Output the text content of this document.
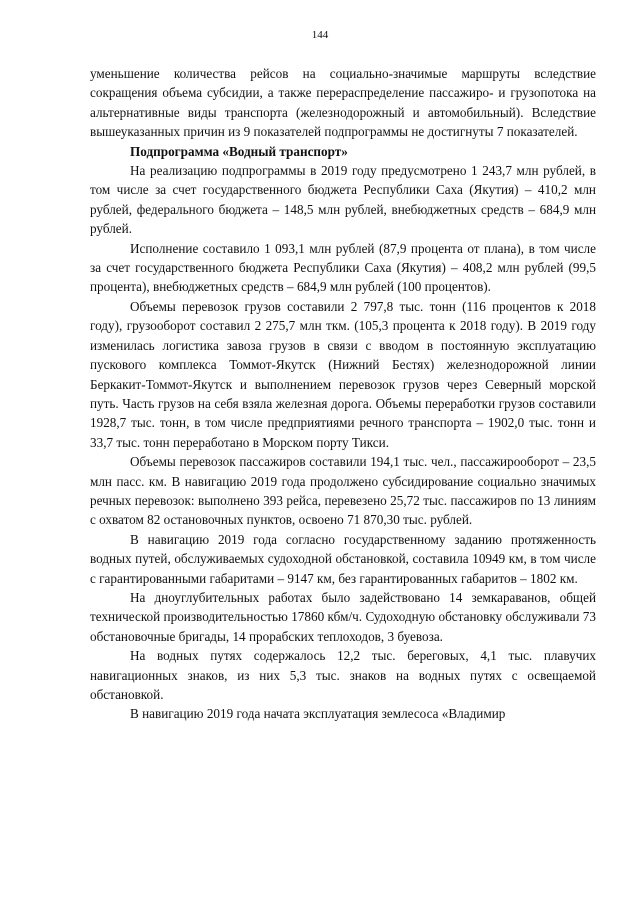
144

уменьшение количества рейсов на социально-значимые маршруты вследствие сокращения объема субсидии, а также перераспределение пассажиро- и грузопотока на альтернативные виды транспорта (железнодорожный и автомобильный). Вследствие вышеуказанных причин из 9 показателей подпрограммы не достигнуты 7 показателей.

Подпрограмма «Водный транспорт»

На реализацию подпрограммы в 2019 году предусмотрено 1 243,7 млн рублей, в том числе за счет государственного бюджета Республики Саха (Якутия) – 410,2 млн рублей, федерального бюджета – 148,5 млн рублей, внебюджетных средств – 684,9 млн рублей.

Исполнение составило 1 093,1 млн рублей (87,9 процента от плана), в том числе за счет государственного бюджета Республики Саха (Якутия) – 408,2 млн рублей (99,5 процента), внебюджетных средств – 684,9 млн рублей (100 процентов).

Объемы перевозок грузов составили 2 797,8 тыс. тонн (116 процентов к 2018 году), грузооборот составил 2 275,7 млн ткм. (105,3 процента к 2018 году). В 2019 году изменилась логистика завоза грузов в связи с вводом в постоянную эксплуатацию пускового комплекса Томмот-Якутск (Нижний Бестях) железнодорожной линии Беркакит-Томмот-Якутск и выполнением перевозок грузов через Северный морской путь. Часть грузов на себя взяла железная дорога. Объемы переработки грузов составили 1928,7 тыс. тонн, в том числе предприятиями речного транспорта – 1902,0 тыс. тонн и 33,7 тыс. тонн переработано в Морском порту Тикси.

Объемы перевозок пассажиров составили 194,1 тыс. чел., пассажирооборот – 23,5 млн пасс. км. В навигацию 2019 года продолжено субсидирование социально значимых речных перевозок: выполнено 393 рейса, перевезено 25,72 тыс. пассажиров по 13 линиям с охватом 82 остановочных пунктов, освоено 71 870,30 тыс. рублей.

В навигацию 2019 года согласно государственному заданию протяженность водных путей, обслуживаемых судоходной обстановкой, составила 10949 км, в том числе с гарантированными габаритами – 9147 км, без гарантированных габаритов – 1802 км.

На дноуглубительных работах было задействовано 14 земкараванов, общей технической производительностью 17860 кбм/ч. Судоходную обстановку обслуживали 73 обстановочные бригады, 14 прорабских теплоходов, 3 буевоза.

На водных путях содержалось 12,2 тыс. береговых, 4,1 тыс. плавучих навигационных знаков, из них 5,3 тыс. знаков на водных путях с освещаемой обстановкой.

В навигацию 2019 года начата эксплуатация землесоса «Владимир
